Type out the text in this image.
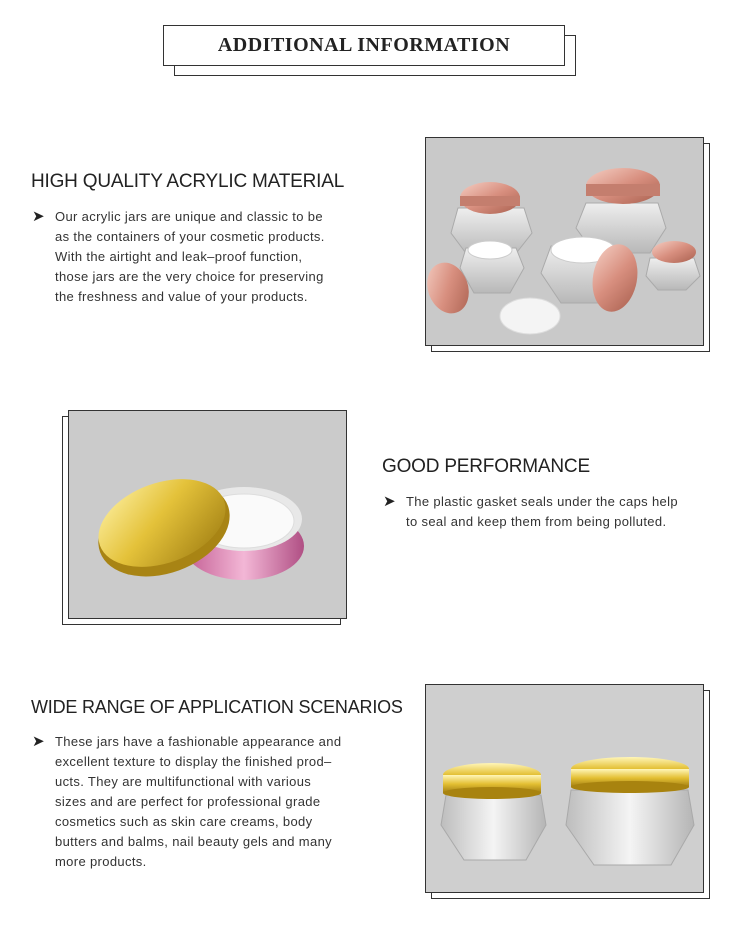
ADDITIONAL INFORMATION
HIGH QUALITY ACRYLIC MATERIAL
➤ Our acrylic jars are unique and classic to be
as the containers of your cosmetic products.
With the airtight and leak–proof function,
those jars are the very choice for preserving
the freshness and value of your products.
GOOD PERFORMANCE
➤ The plastic gasket seals under the caps help
to seal and keep them from being polluted.
WIDE RANGE OF APPLICATION SCENARIOS
➤ These jars have a fashionable appearance and
excellent texture to display the finished prod–
ucts. They are multifunctional with various
sizes and are perfect for professional grade
cosmetics such as skin care creams, body
butters and balms, nail beauty gels and many
more products.
